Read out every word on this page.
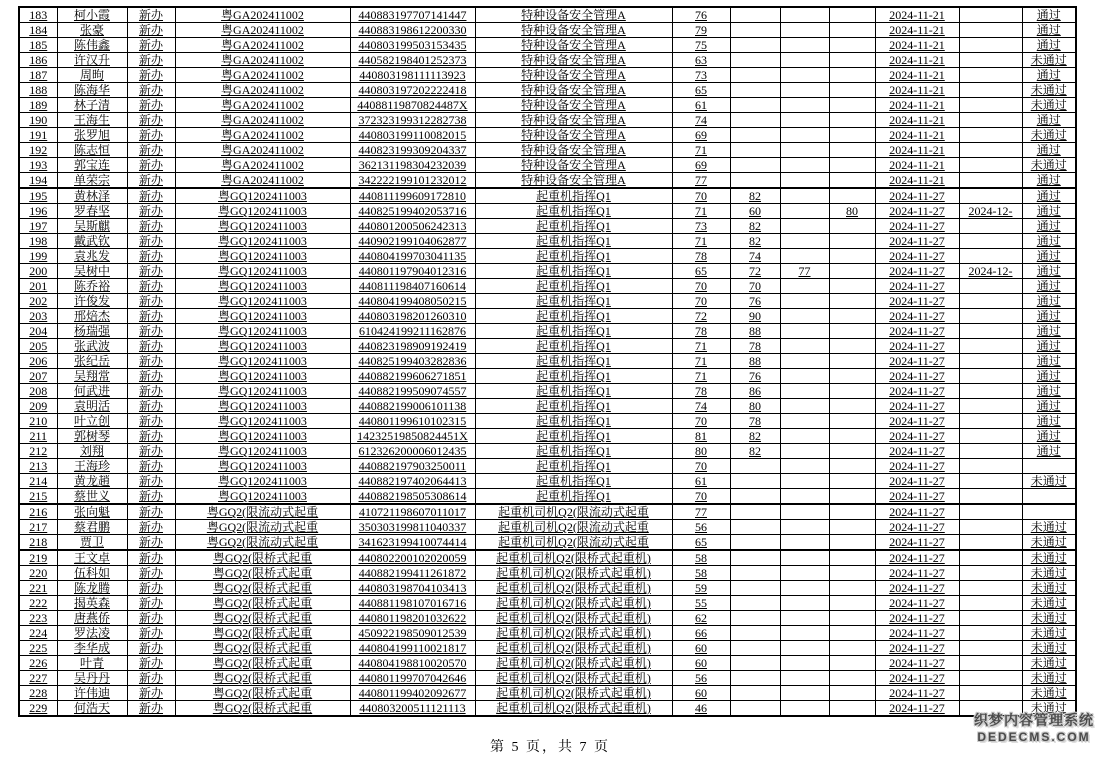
183	柯小霞	新办	粤GA202411002	440883197707141447	特种设备安全管理A	76				2024-11-21		通过
184	张豪	新办	粤GA202411002	440883198612200330	特种设备安全管理A	79				2024-11-21		通过
185	陈伟鑫	新办	粤GA202411002	440803199503153435	特种设备安全管理A	75				2024-11-21		通过
186	许汉升	新办	粤GA202411002	440582198401252373	特种设备安全管理A	63				2024-11-21		未通过
187	周昫	新办	粤GA202411002	440803198111113923	特种设备安全管理A	73				2024-11-21		通过
188	陈海华	新办	粤GA202411002	440803197202222418	特种设备安全管理A	65				2024-11-21		未通过
189	林子清	新办	粤GA202411002	44088119870824487X	特种设备安全管理A	61				2024-11-21		未通过
190	王海生	新办	粤GA202411002	372323199312282738	特种设备安全管理A	74				2024-11-21		通过
191	张罗旭	新办	粤GA202411002	440803199110082015	特种设备安全管理A	69				2024-11-21		未通过
192	陈志恒	新办	粤GA202411002	440823199309204337	特种设备安全管理A	71				2024-11-21		通过
193	郭宝连	新办	粤GA202411002	362131198304232039	特种设备安全管理A	69				2024-11-21		未通过
194	单荣宗	新办	粤GA202411002	342222199101232012	特种设备安全管理A	77				2024-11-21		通过
195	黄林泽	新办	粤GQ1202411003	440811199609172810	起重机指挥Q1	70	82			2024-11-27		通过
196	罗春坚	新办	粤GQ1202411003	440825199402053716	起重机指挥Q1	71	60		80	2024-11-27	2024-12-	通过
197	吴斯麒	新办	粤GQ1202411003	440801200506242313	起重机指挥Q1	73	82			2024-11-27		通过
198	戴武钦	新办	粤GQ1202411003	440902199104062877	起重机指挥Q1	71	82			2024-11-27		通过
199	袁兆发	新办	粤GQ1202411003	440804199703041135	起重机指挥Q1	78	74			2024-11-27		通过
200	吴树中	新办	粤GQ1202411003	440801197904012316	起重机指挥Q1	65	72	77		2024-11-27	2024-12-	通过
201	陈乔裕	新办	粤GQ1202411003	440811198407160614	起重机指挥Q1	70	70			2024-11-27		通过
202	许俊发	新办	粤GQ1202411003	440804199408050215	起重机指挥Q1	70	76			2024-11-27		通过
203	邢焙杰	新办	粤GQ1202411003	440803198201260310	起重机指挥Q1	72	90			2024-11-27		通过
204	杨瑞强	新办	粤GQ1202411003	610424199211162876	起重机指挥Q1	78	88			2024-11-27		通过
205	张武波	新办	粤GQ1202411003	440823198909192419	起重机指挥Q1	71	78			2024-11-27		通过
206	张纪岳	新办	粤GQ1202411003	440825199403282836	起重机指挥Q1	71	88			2024-11-27		通过
207	吴翔常	新办	粤GQ1202411003	440882199606271851	起重机指挥Q1	71	76			2024-11-27		通过
208	何武进	新办	粤GQ1202411003	440882199509074557	起重机指挥Q1	78	86			2024-11-27		通过
209	袁明活	新办	粤GQ1202411003	440882199006101138	起重机指挥Q1	74	80			2024-11-27		通过
210	叶立创	新办	粤GQ1202411003	440801199610102315	起重机指挥Q1	70	78			2024-11-27		通过
211	郭树琴	新办	粤GQ1202411003	14232519850824451X	起重机指挥Q1	81	82			2024-11-27		通过
212	刘翔	新办	粤GQ1202411003	612326200006012435	起重机指挥Q1	80	82			2024-11-27		通过
213	王海珍	新办	粤GQ1202411003	440882197903250011	起重机指挥Q1	70				2024-11-27		
214	黄龙趙	新办	粤GQ1202411003	440882197402064413	起重机指挥Q1	61				2024-11-27		未通过
215	蔡世义	新办	粤GQ1202411003	440882198505308614	起重机指挥Q1	70				2024-11-27		
216	张向魁	新办	粤GQ2(限流动式起重	410721198607011017	起重机司机Q2(限流动式起重	77				2024-11-27		
217	蔡君鹏	新办	粤GQ2(限流动式起重	350303199811040337	起重机司机Q2(限流动式起重	56				2024-11-27		未通过
218	贾卫	新办	粤GQ2(限流动式起重	341623199410074414	起重机司机Q2(限流动式起重	65				2024-11-27		未通过
219	王文卓	新办	粤GQ2(限桥式起重	440802200102020059	起重机司机Q2(限桥式起重机)	58				2024-11-27		未通过
220	伍科如	新办	粤GQ2(限桥式起重	440882199411261872	起重机司机Q2(限桥式起重机)	58				2024-11-27		未通过
221	陈龙腾	新办	粤GQ2(限桥式起重	440803198704103413	起重机司机Q2(限桥式起重机)	59				2024-11-27		未通过
222	揭英森	新办	粤GQ2(限桥式起重	440881198107016716	起重机司机Q2(限桥式起重机)	55				2024-11-27		未通过
223	唐燕侨	新办	粤GQ2(限桥式起重	440801198201032622	起重机司机Q2(限桥式起重机)	62				2024-11-27		未通过
224	罗法凌	新办	粤GQ2(限桥式起重	450922198509012539	起重机司机Q2(限桥式起重机)	66				2024-11-27		未通过
225	李华成	新办	粤GQ2(限桥式起重	440804199110021817	起重机司机Q2(限桥式起重机)	60				2024-11-27		未通过
226	叶青	新办	粤GQ2(限桥式起重	440804198810020570	起重机司机Q2(限桥式起重机)	60				2024-11-27		未通过
227	吴丹丹	新办	粤GQ2(限桥式起重	440801199707042646	起重机司机Q2(限桥式起重机)	56				2024-11-27		未通过
228	许伟迪	新办	粤GQ2(限桥式起重	440801199402092677	起重机司机Q2(限桥式起重机)	60				2024-11-27		未通过
229	何浩天	新办	粤GQ2(限桥式起重	440803200511121113	起重机司机Q2(限桥式起重机)	46				2024-11-27		未通过
第 5 页，共 7 页
织梦内容管理系统
DEDECMS.COM
